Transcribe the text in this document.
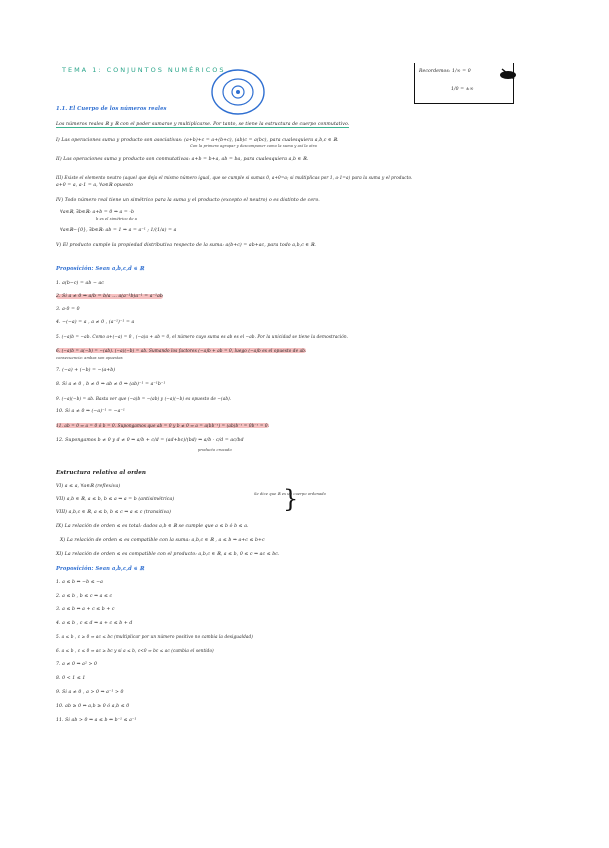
TEMA 1: CONJUNTOS NUMÉRICOS	Recordemos: 1/∞ = 0
1/0 = ±∞
1.1. El Cuerpo de los números reales
Los números reales ℝ y ℝ con el poder sumarse y multiplicarse. Por tanto, se tiene la estructura de cuerpo conmutativo.
I) Las operaciones suma y producto son asociativas: (a+b)+c = a+(b+c), (ab)c = a(bc), para cualesquiera a,b,c ∈ ℝ.
Con la primera agrupar y descomponer como la suma y así la otra
II) Las operaciones suma y producto son conmutativas: a+b = b+a, ab = ba, para cualesquiera a,b ∈ ℝ.
III) Existe el elemento neutro (aquel que deja el mismo número igual, que se cumple si sumas 0, a+0=a; si multiplicas por 1, a·1=a) para la suma y el producto.
a+0 = a, a·1 = a, ∀a∈ℝ opuesto
IV) Todo número real tiene un simétrico para la suma y el producto (excepto el neutro) o es distinto de cero.
∀a∈ℝ, ∃b∈ℝ: a+b = 0 ⇒ a = -b
b es el simétrico de a
∀a∈ℝ−{0}, ∃b∈ℝ: ab = 1 ⇒ a = a⁻¹ ; 1/(1/a) = a
V) El producto cumple la propiedad distributiva respecto de la suma: a(b+c) = ab+ac, para todo a,b,c ∈ ℝ.
Proposición: Sean a,b,c,d ∈ ℝ
1. a(b−c) = ab − ac
2. Si a ≠ 0 ⇒ a/b = b/a ... a(a⁻¹b)a⁻¹ = a⁻¹ab
3. a·0 = 0
4. −(−a) = a , a ≠ 0 , (a⁻¹)⁻¹ = a
5. (−a)b = −ab. Como a+(−a) = 0 , (−a)a + ab = 0, el número cuyo suma es ab es el −ab. Por la unicidad se tiene la demostración.
6. (−a)b = a(−b) = −(ab). (−a)(−b) = ab. Sumando los factores (−a)b + ab = 0, luego (−a)b es el opuesto de ab.
consecuencia: ambas son opuestas
7. (−a) + (−b) = −(a+b)
8. Si a ≠ 0 , b ≠ 0 ⇒ ab ≠ 0 ⇒ (ab)⁻¹ = a⁻¹b⁻¹
9. (−a)(−b) = ab. Basta ver que (−a)b = −(ab) y (−a)(−b) es opuesto de −(ab).
10. Si a ≠ 0 ⇒ (−a)⁻¹ = −a⁻¹
11. ab = 0 ⇒ a = 0 ó b = 0. Supongamos que ab = 0 y b ≠ 0 ⇒ a = a(bb⁻¹) = (ab)b⁻¹ = 0b⁻¹ = 0.
12. Supongamos b ≠ 0 y d ≠ 0 ⇒ a/b + c/d = (ad+bc)/(bd) ⇒ a/b · c/d = ac/bd
producto cruzado
Estructura relativa al orden
VI) a ≤ a, ∀a∈ℝ (reflexiva)
VII) a,b ∈ ℝ, a ≤ b, b ≤ a ⇒ a = b (antisimétrica)
VIII) a,b,c ∈ ℝ, a ≤ b, b ≤ c ⇒ a ≤ c (transitiva)	}
Se dice que ℝ es un cuerpo ordenado
IX) La relación de orden ≤ es total: dados a,b ∈ ℝ se cumple que a ≤ b ó b ≤ a.
X) La relación de orden ≤ es compatible con la suma: a,b,c ∈ ℝ , a ≤ b ⇒ a+c ≤ b+c
XI) La relación de orden ≤ es compatible con el producto: a,b,c ∈ ℝ, a ≤ b, 0 ≤ c ⇒ ac ≤ bc.
Proposición: Sean a,b,c,d ∈ ℝ
1. a ≤ b ⇔ −b ≤ −a
2. a ≤ b , b ≤ c ⇒ a ≤ c
3. a ≤ b ⇔ a + c ≤ b + c
4. a ≤ b , c ≤ d ⇒ a + c ≤ b + d
5. a ≤ b , c ≥ 0 ⇒ ac ≤ bc (multiplicar por un número positivo no cambia la desigualdad)
6. a ≤ b , c ≤ 0 ⇒ ac ≥ bc y si a ≤ b, c<0 ⇒ bc ≤ ac (cambia el sentido)
7. a ≠ 0 ⇒ a² > 0
8. 0 < 1 ≤ 1
9. Si a ≠ 0 , a > 0 ⇒ a⁻¹ > 0
10. ab ≥ 0 ⇔ a,b ≥ 0 ó a,b ≤ 0
11. Si ab > 0 ⇒ a ≤ b ⇔ b⁻¹ ≤ a⁻¹
